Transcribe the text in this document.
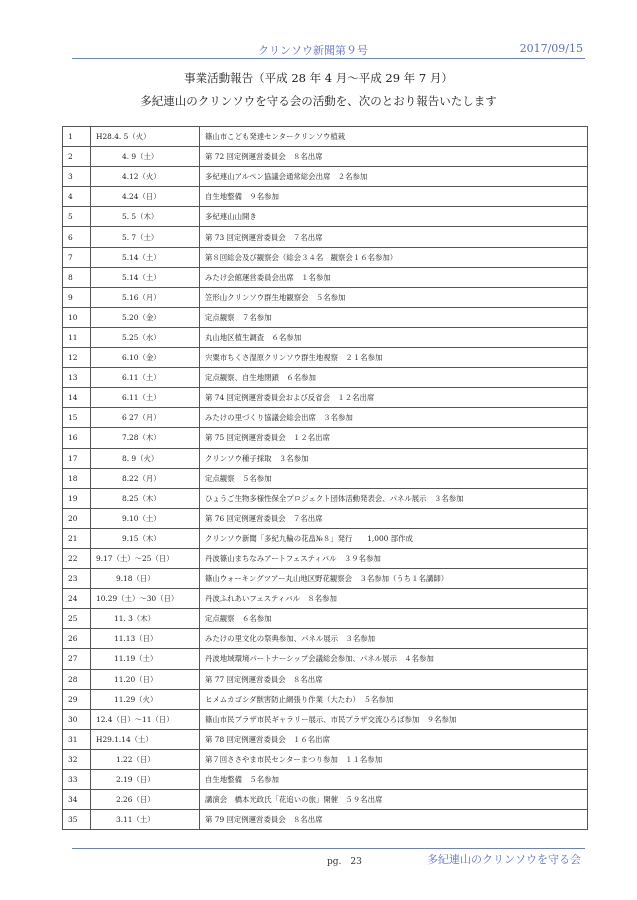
クリンソウ新聞第９号	2017/09/15
事業活動報告（平成 28 年 4 月～平成 29 年 7 月）
多紀連山のクリンソウを守る会の活動を、次のとおり報告いたします
1	H28.4. 5（火）	篠山市こども発達センタークリンソウ植栽
2	4. 9（土）	第 72 回定例運営委員会　８名出席
3	4.12（火）	多紀連山アルペン協議会通常総会出席　２名参加
4	4.24（日）	自生地整備　９名参加
5	5. 5（木）	多紀連山山開き
6	5. 7（土）	第 73 回定例運営委員会　７名出席
7	5.14（土）	第８回総会及び観察会（総会３４名　観察会１６名参加）
8	5.14（土）	みたけ会館運営委員会出席　１名参加
9	5.16（月）	笠形山クリンソウ群生地観察会　５名参加
10	5.20（金）	定点観察　７名参加
11	5.25（水）	丸山地区植生調査　６名参加
12	6.10（金）	宍粟市ちくさ湿原クリンソウ群生地視察　２１名参加
13	6.11（土）	定点観察、自生地閉鎖　６名参加
14	6.11（土）	第 74 回定例運営委員会および反省会　１２名出席
15	6 27（月）	みたけの里づくり協議会総会出席　３名参加
16	7.28（木）	第 75 回定例運営委員会　１２名出席
17	8. 9（火）	クリンソウ種子採取　３名参加
18	8.22（月）	定点観察　５名参加
19	8.25（木）	ひょうご生物多様性保全プロジェクト団体活動発表会、パネル展示　３名参加
20	9.10（土）	第 76 回定例運営委員会　７名出席
21	9.15（木）	クリンソウ新聞「多紀九輪の花畠№８」発行　　1,000 部作成
22	9.17（土）～25（日）	丹波篠山まちなみアートフェスティバル　３９名参加
23	9.18（日）	篠山ウォーキングツアー丸山地区野花観察会　３名参加（うち１名講師）
24	10.29（土）～30（日）	丹波ふれあいフェスティバル　８名参加
25	11. 3（木）	定点観察　６名参加
26	11.13（日）	みたけの里文化の祭典参加、パネル展示　３名参加
27	11.19（土）	丹波地域環境パートナーシップ会議総会参加、パネル展示　４名参加
28	11.20（日）	第 77 回定例運営委員会　８名出席
29	11.29（火）	ヒメムカゴシダ獣害防止網張り作業（大たわ）　５名参加
30	12.4（日）～11（日）	篠山市民プラザ市民ギャラリー展示、市民プラザ交流ひろば参加　９名参加
31	H29.1.14（土）	第 78 回定例運営委員会　１６名出席
32	1.22（日）	第７回ささやま市民センターまつり参加　１１名参加
33	2.19（日）	自生地整備　５名参加
34	2.26（日）	講演会　橋本光政氏「花追いの旅」開催　５９名出席
35	3.11（土）	第 79 回定例運営委員会　８名出席
pg.　23	多紀連山のクリンソウを守る会
